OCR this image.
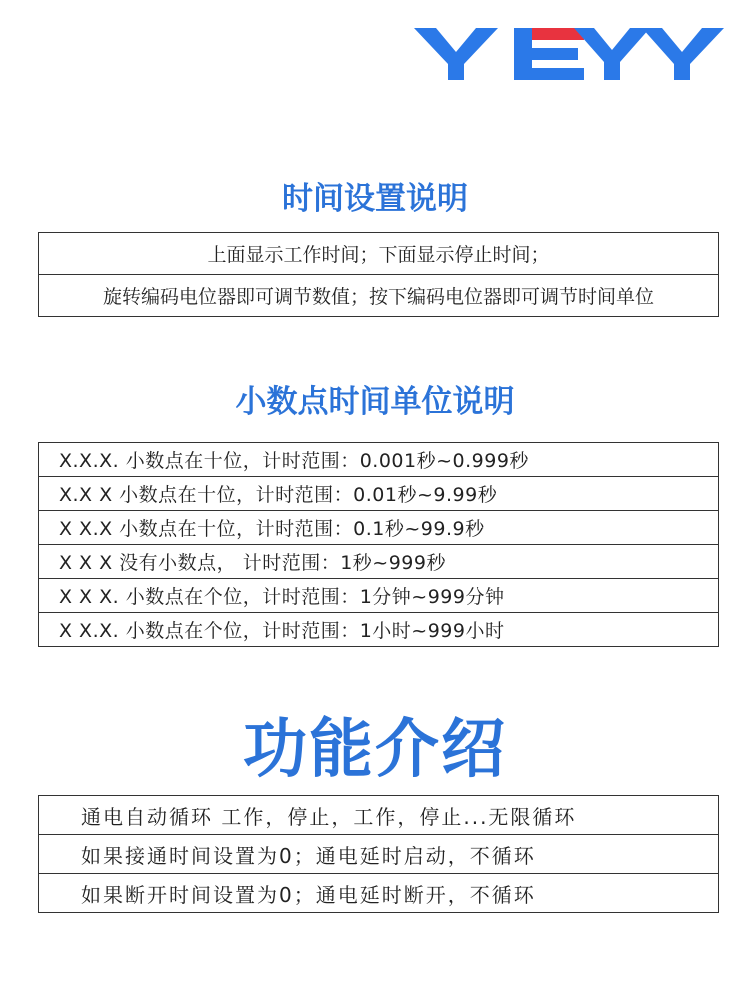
时间设置说明
上面显示工作时间；下面显示停止时间；
旋转编码电位器即可调节数值；按下编码电位器即可调节时间单位
小数点时间单位说明
X.X.X. 小数点在十位，计时范围：0.001秒~0.999秒
X.X X 小数点在十位，计时范围：0.01秒~9.99秒
X X.X 小数点在十位，计时范围：0.1秒~99.9秒
X X X 没有小数点， 计时范围：1秒~999秒
X X X. 小数点在个位，计时范围：1分钟~999分钟
X X.X. 小数点在个位，计时范围：1小时~999小时
功能介绍
通电自动循环 工作，停止，工作，停止...无限循环
如果接通时间设置为0；通电延时启动，不循环
如果断开时间设置为0；通电延时断开，不循环
